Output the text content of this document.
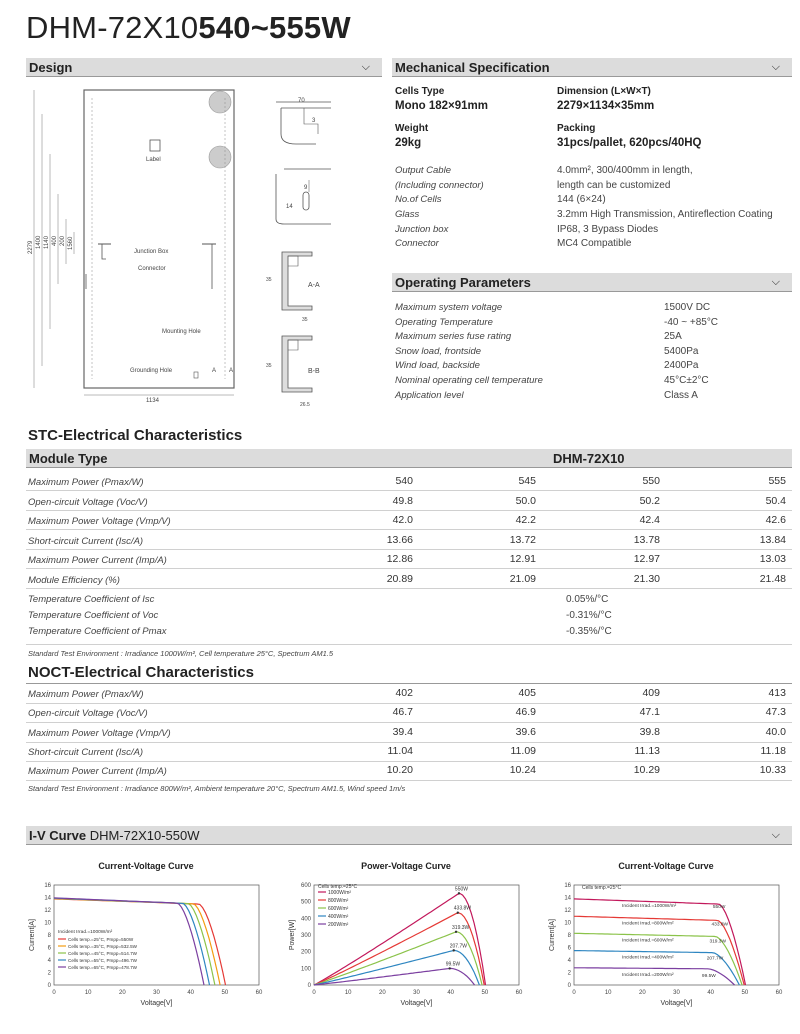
DHM-72X10540~555W
Design	⌵
Label
Junction Box
Connector
Mounting Hole
Grounding Hole	A A
2279 1400 1140 400 200 1560
1134
70
3
9
14
A-A
35
35
B-B
35
26.5
Mechanical Specification	⌵
Cells Type
Mono 182×91mm
Dimension (L×W×T)
2279×1134×35mm
Weight
29kg
Packing
31pcs/pallet, 620pcs/40HQ
Output Cable	4.0mm², 300/400mm in length,
(Including connector)	length can be customized
No.of Cells	144 (6×24)
Glass	3.2mm High Transmission, Antireflection Coating
Junction box	IP68, 3 Bypass Diodes
Connector	MC4 Compatible
Operating Parameters	⌵
Maximum system voltage	1500V DC
Operating Temperature	-40 ~ +85°C
Maximum series fuse rating	25A
Snow load, frontside	5400Pa
Wind load, backside	2400Pa
Nominal operating cell temperature	45°C±2°C
Application level	Class A
STC-Electrical Characteristics
Module Type	DHM-72X10
Maximum Power (Pmax/W)	540	545	550	555
Open-circuit Voltage (Voc/V)	49.8	50.0	50.2	50.4
Maximum Power Voltage (Vmp/V)	42.0	42.2	42.4	42.6
Short-circuit Current (Isc/A)	13.66	13.72	13.78	13.84
Maximum Power Current (Imp/A)	12.86	12.91	12.97	13.03
Module Efficiency (%)	20.89	21.09	21.30	21.48
Temperature Coefficient of Isc	0.05%/°C
Temperature Coefficient of Voc	-0.31%/°C
Temperature Coefficient of Pmax	-0.35%/°C
Standard Test Environment : Irradiance 1000W/m², Cell temperature 25°C, Spectrum AM1.5
NOCT-Electrical Characteristics
Maximum Power (Pmax/W)	402	405	409	413
Open-circuit Voltage (Voc/V)	46.7	46.9	47.1	47.3
Maximum Power Voltage (Vmp/V)	39.4	39.6	39.8	40.0
Short-circuit Current (Isc/A)	11.04	11.09	11.13	11.18
Maximum Power Current (Imp/A)	10.20	10.24	10.29	10.33
Standard Test Environment : Irradiance 800W/m², Ambient temperature 20°C, Spectrum AM1.5, Wind speed 1m/s
I-V Curve DHM-72X10-550W	⌵
Current-Voltage Curve
0	10	20	30	40	50	60
0
2
4
6
8
10
12
14
16
Voltage[V]
Current[A]	Cells temp.=25°C, Pmpp=550W
Cells temp.=35°C, Pmpp=532.5W
Cells temp.=45°C, Pmpp=514.7W
Cells temp.=55°C, Pmpp=496.7W
Cells temp.=65°C, Pmpp=478.7W
Incident Irrad.=1000W/m²
Power-Voltage Curve
0	10	20	30	40	50	60
0
100
200
300
400
500
600
Voltage[V]
Power[W]
550W
1000W/m²
433.8W
800W/m²
319.3W
600W/m²
207.7W
400W/m²
99.5W
200W/m²
Cells temp.=25°C
Current-Voltage Curve
0	10	20	30	40	50	60
0
2
4
6
8
10
12
14
16
Voltage[V]
Current[A]
Incident Irrad.=1000W/m²	550W
Incident Irrad.=800W/m²	433.8W
Incident Irrad.=600W/m²	319.3W
Incident Irrad.=400W/m²	207.7W
Incident Irrad.=200W/m²	99.5W
Cells temp.=25°C
